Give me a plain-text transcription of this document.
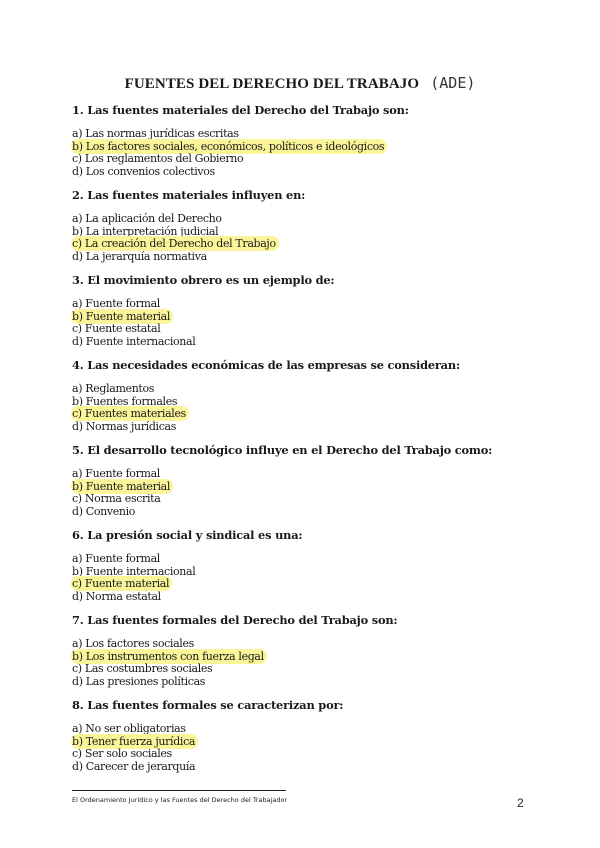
FUENTES DEL DERECHO DEL TRABAJO (ADE)
1. Las fuentes materiales del Derecho del Trabajo son:
a) Las normas jurídicas escritas
b) Los factores sociales, económicos, políticos e ideológicos
c) Los reglamentos del Gobierno
d) Los convenios colectivos
2. Las fuentes materiales influyen en:
a) La aplicación del Derecho
b) La interpretación judicial
c) La creación del Derecho del Trabajo
d) La jerarquía normativa
3. El movimiento obrero es un ejemplo de:
a) Fuente formal
b) Fuente material
c) Fuente estatal
d) Fuente internacional
4. Las necesidades económicas de las empresas se consideran:
a) Reglamentos
b) Fuentes formales
c) Fuentes materiales
d) Normas jurídicas
5. El desarrollo tecnológico influye en el Derecho del Trabajo como:
a) Fuente formal
b) Fuente material
c) Norma escrita
d) Convenio
6. La presión social y sindical es una:
a) Fuente formal
b) Fuente internacional
c) Fuente material
d) Norma estatal
7. Las fuentes formales del Derecho del Trabajo son:
a) Los factores sociales
b) Los instrumentos con fuerza legal
c) Las costumbres sociales
d) Las presiones políticas
8. Las fuentes formales se caracterizan por:
a) No ser obligatorias
b) Tener fuerza jurídica
c) Ser solo sociales
d) Carecer de jerarquía
El Ordenamiento Jurídico y las Fuentes del Derecho del Trabajador	2
